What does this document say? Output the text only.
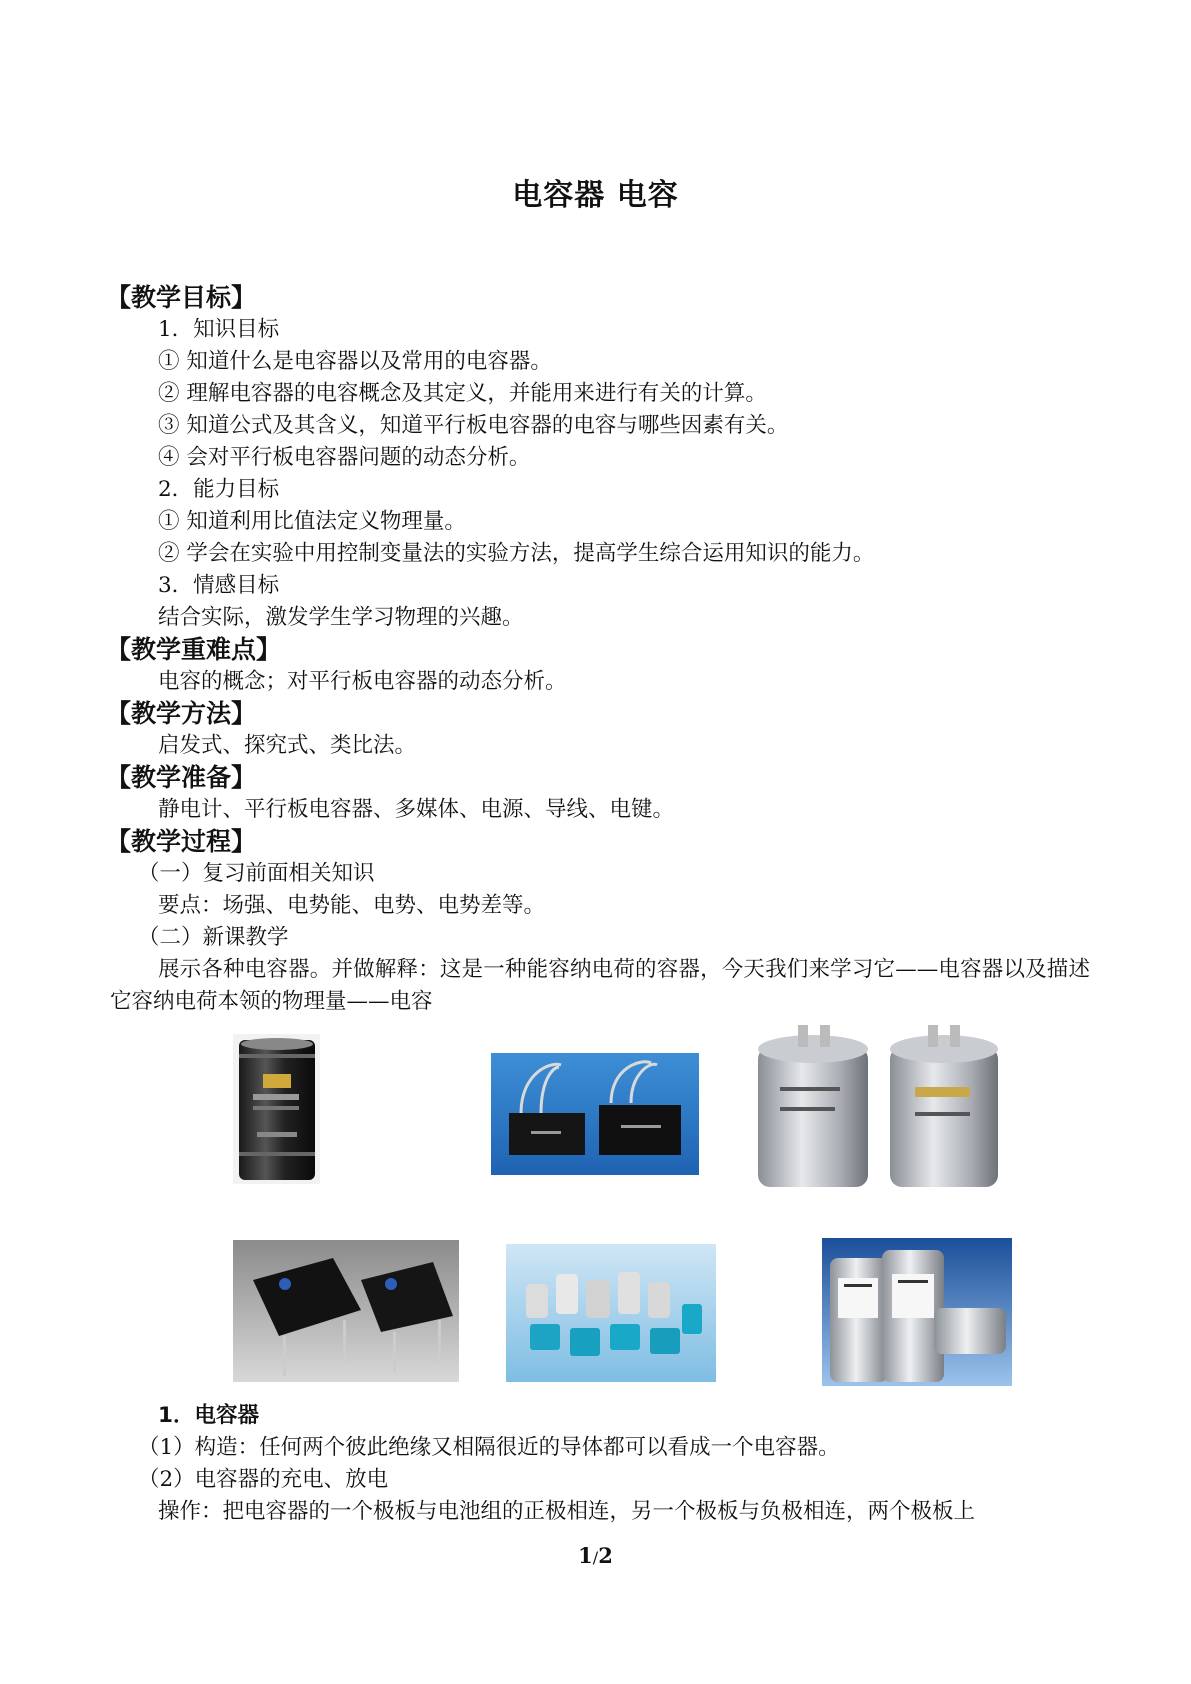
电容器 电容
【教学目标】
1．知识目标
① 知道什么是电容器以及常用的电容器。
② 理解电容器的电容概念及其定义，并能用来进行有关的计算。
③ 知道公式及其含义，知道平行板电容器的电容与哪些因素有关。
④ 会对平行板电容器问题的动态分析。
2．能力目标
① 知道利用比值法定义物理量。
② 学会在实验中用控制变量法的实验方法，提高学生综合运用知识的能力。
3．情感目标
结合实际，激发学生学习物理的兴趣。
【教学重难点】
电容的概念；对平行板电容器的动态分析。
【教学方法】
启发式、探究式、类比法。
【教学准备】
静电计、平行板电容器、多媒体、电源、导线、电键。
【教学过程】
（一）复习前面相关知识
要点：场强、电势能、电势、电势差等。
（二）新课教学
展示各种电容器。并做解释：这是一种能容纳电荷的容器，今天我们来学习它——电容器以及描述它容纳电荷本领的物理量——电容
1．电容器
（1）构造：任何两个彼此绝缘又相隔很近的导体都可以看成一个电容器。
（2）电容器的充电、放电
操作：把电容器的一个极板与电池组的正极相连，另一个极板与负极相连，两个极板上
1/2
